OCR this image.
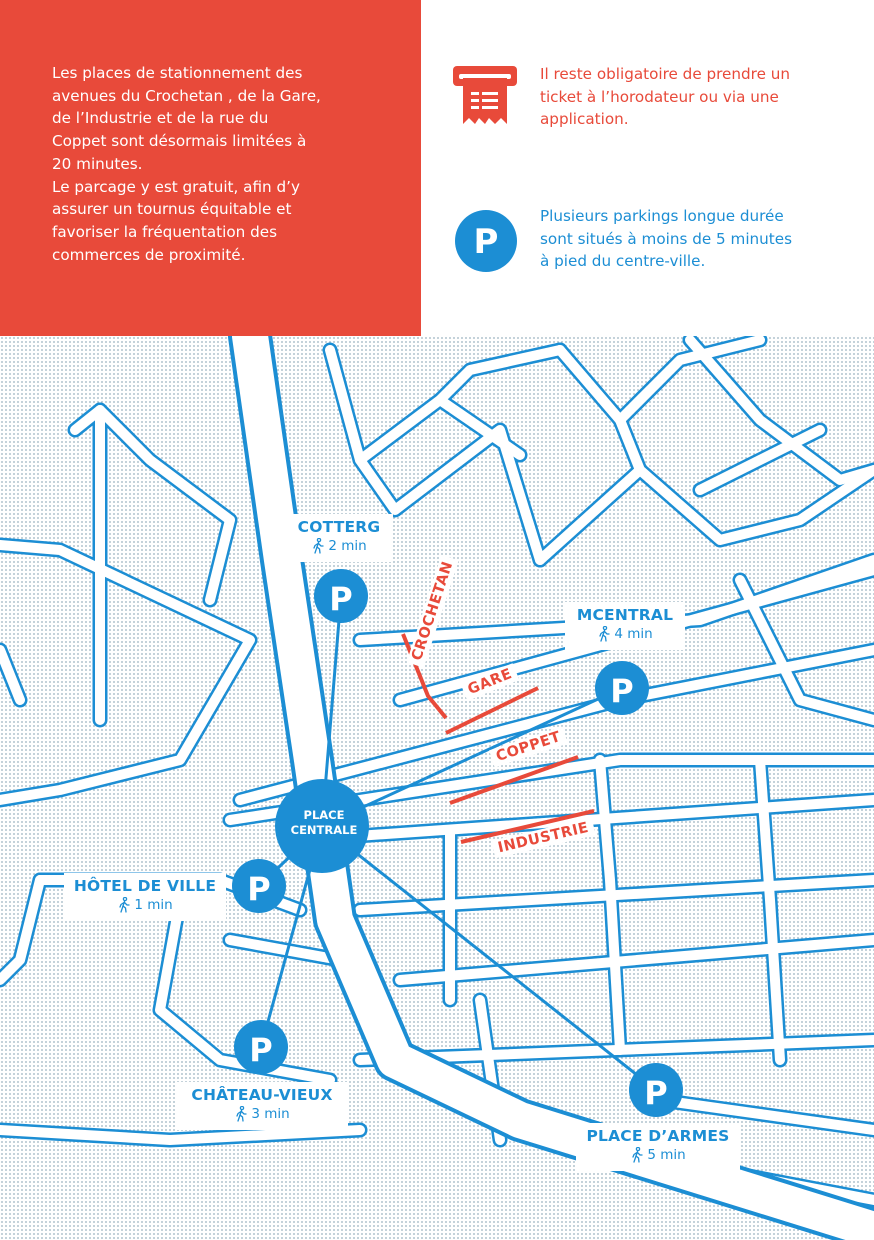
Les places de stationnement des
avenues du Crochetan , de la Gare,
de l’Industrie et de la rue du
Coppet sont désormais limitées à
20 minutes.
Le parcage y est gratuit, afin d’y
assurer un tournus équitable et
favoriser la fréquentation des
commerces de proximité.

Il reste obligatoire de prendre un
ticket à l’horodateur ou via une
application.

P

Plusieurs parkings longue durée
sont situés à moins de 5 minutes
à pied du centre-ville.

P
P
P
P
P
PLACE
CENTRALE
CROCHETAN
GARE
COPPET
INDUSTRIE
COTTERG
2 min
MCENTRAL
4 min
HÔTEL DE VILLE
1 min
CHÂTEAU-VIEUX
3 min
PLACE D’ARMES
5 min
